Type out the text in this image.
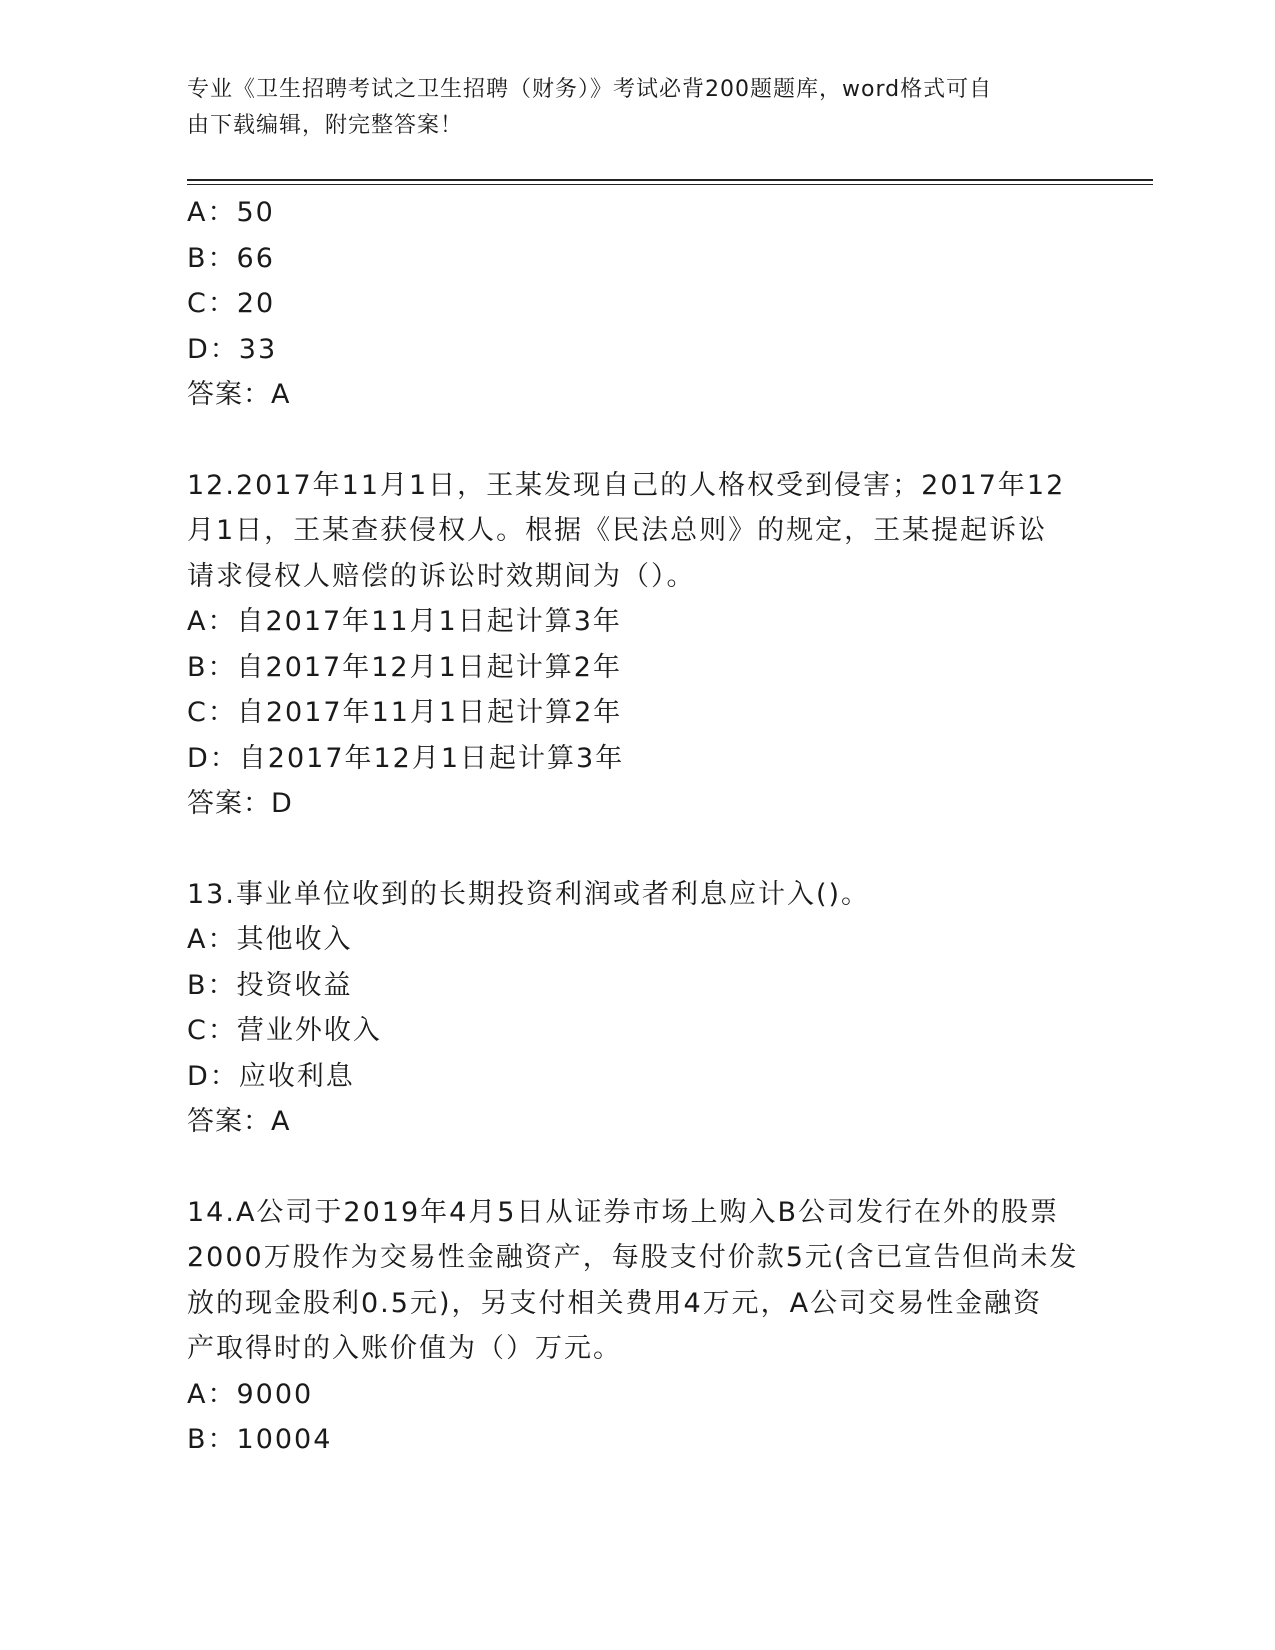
专业《卫生招聘考试之卫生招聘（财务）》考试必背200题题库，word格式可自
由下载编辑，附完整答案！
A：50
B：66
C：20
D：33
答案：A
12.2017年11月1日，王某发现自己的人格权受到侵害；2017年12
月1日，王某查获侵权人。根据《民法总则》的规定，王某提起诉讼
请求侵权人赔偿的诉讼时效期间为（）。
A：自2017年11月1日起计算3年
B：自2017年12月1日起计算2年
C：自2017年11月1日起计算2年
D：自2017年12月1日起计算3年
答案：D
13.事业单位收到的长期投资利润或者利息应计入()。
A：其他收入
B：投资收益
C：营业外收入
D：应收利息
答案：A
14.A公司于2019年4月5日从证券市场上购入B公司发行在外的股票
2000万股作为交易性金融资产，每股支付价款5元(含已宣告但尚未发
放的现金股利0.5元)，另支付相关费用4万元，A公司交易性金融资
产取得时的入账价值为（）万元。
A：9000
B：10004
